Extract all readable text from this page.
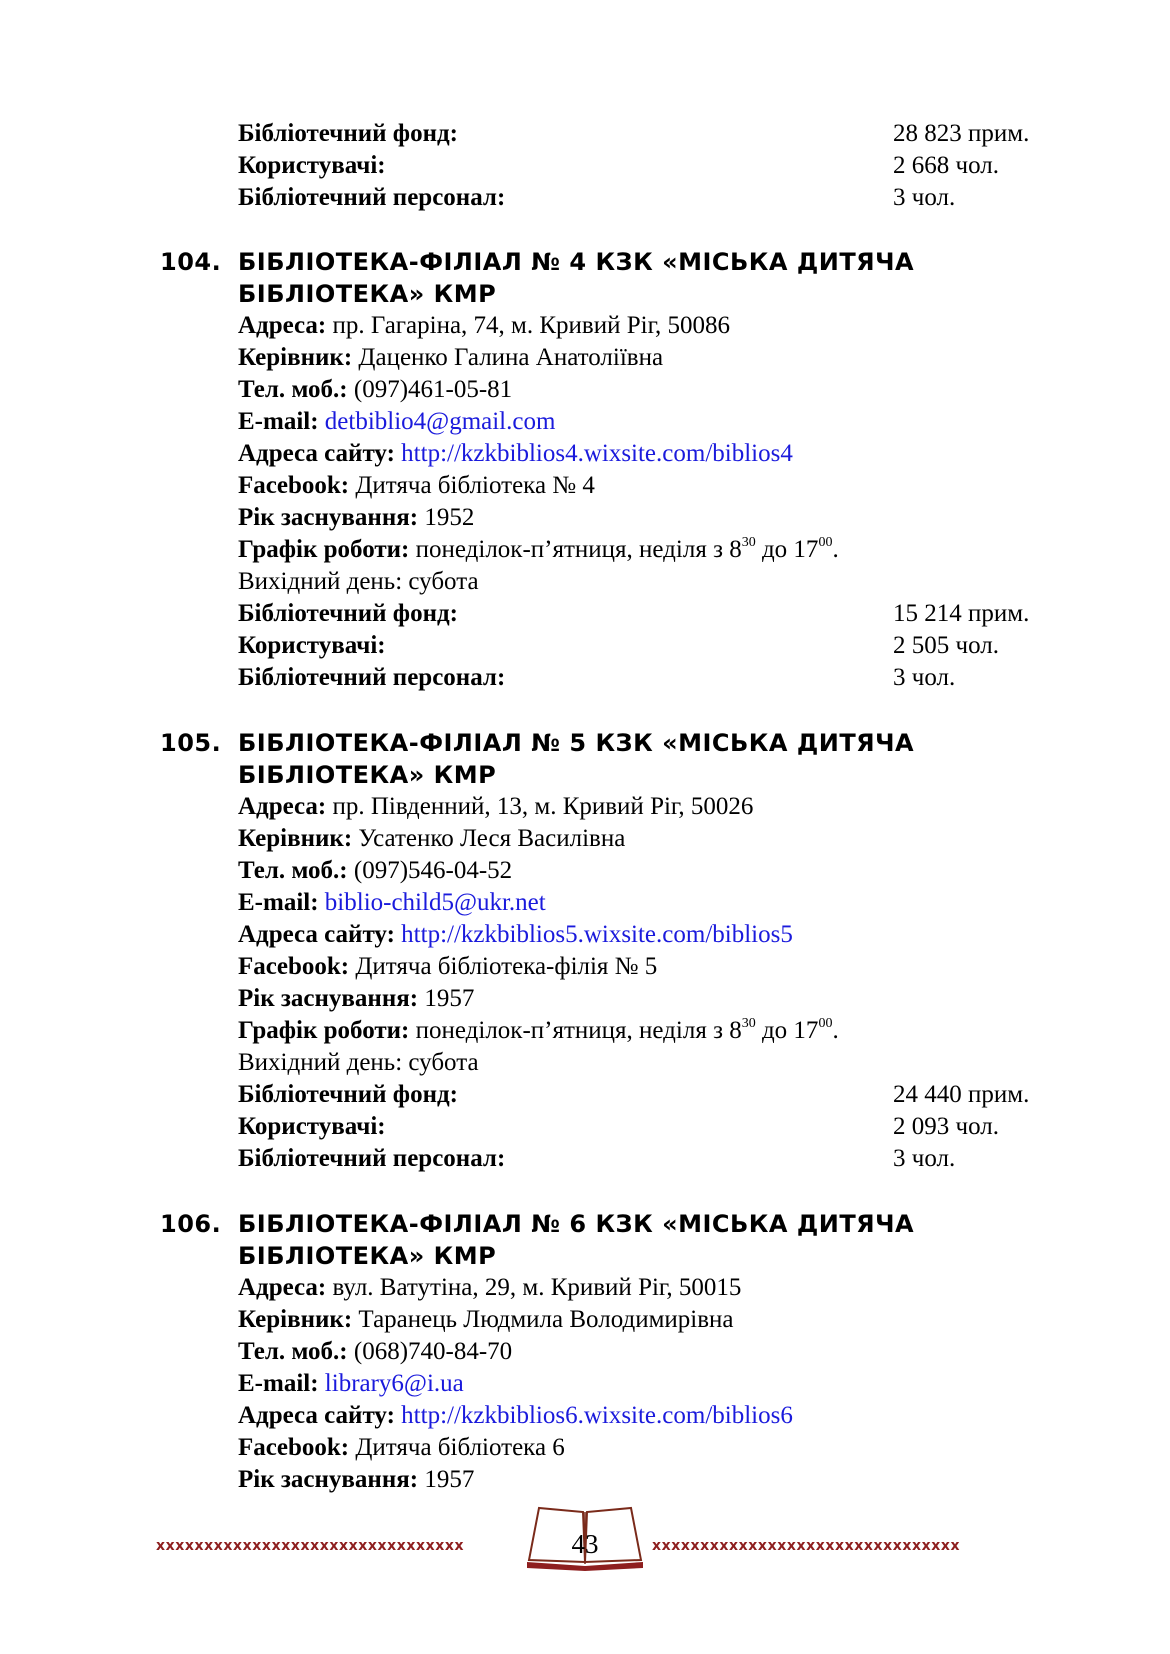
Бібліотечний фонд:	28 823 прим.
Користувачі:	2 668 чол.
Бібліотечний персонал:	3 чол.
104. БІБЛІОТЕКА-ФІЛІАЛ № 4 КЗК «МІСЬКА ДИТЯЧА
БІБЛІОТЕКА» КМР
Адреса: пр. Гагаріна, 74, м. Кривий Ріг, 50086
Керівник: Даценко Галина Анатоліївна
Тел. моб.: (097)461-05-81
E-mail: detbiblio4@gmail.com
Адреса сайту: http://kzkbiblios4.wixsite.com/biblios4
Facebook: Дитяча бібліотека № 4
Рік заснування: 1952
Графік роботи: понеділок-п’ятниця, неділя з $8^{30}$ до $17^{00}$.
Вихідний день: субота
Бібліотечний фонд:	15 214 прим.
Користувачі:	2 505 чол.
Бібліотечний персонал:	3 чол.
105. БІБЛІОТЕКА-ФІЛІАЛ № 5 КЗК «МІСЬКА ДИТЯЧА
БІБЛІОТЕКА» КМР
Адреса: пр. Південний, 13, м. Кривий Ріг, 50026
Керівник: Усатенко Леся Василівна
Тел. моб.: (097)546-04-52
E-mail: biblio-child5@ukr.net
Адреса сайту: http://kzkbiblios5.wixsite.com/biblios5
Facebook: Дитяча бібліотека-філія № 5
Рік заснування: 1957
Графік роботи: понеділок-п’ятниця, неділя з $8^{30}$ до $17^{00}$.
Вихідний день: субота
Бібліотечний фонд:	24 440 прим.
Користувачі:	2 093 чол.
Бібліотечний персонал:	3 чол.
106. БІБЛІОТЕКА-ФІЛІАЛ № 6 КЗК «МІСЬКА ДИТЯЧА
БІБЛІОТЕКА» КМР
Адреса: вул. Ватутіна, 29, м. Кривий Ріг, 50015
Керівник: Таранець Людмила Володимирівна
Тел. моб.: (068)740-84-70
E-mail: library6@i.ua
Адреса сайту: http://kzkbiblios6.wixsite.com/biblios6
Facebook: Дитяча бібліотека 6
Рік заснування: 1957
xxxxxxxxxxxxxxxxxxxxxxxxxxxxxxxx	xxxxxxxxxxxxxxxxxxxxxxxxxxxxxxxx
43
